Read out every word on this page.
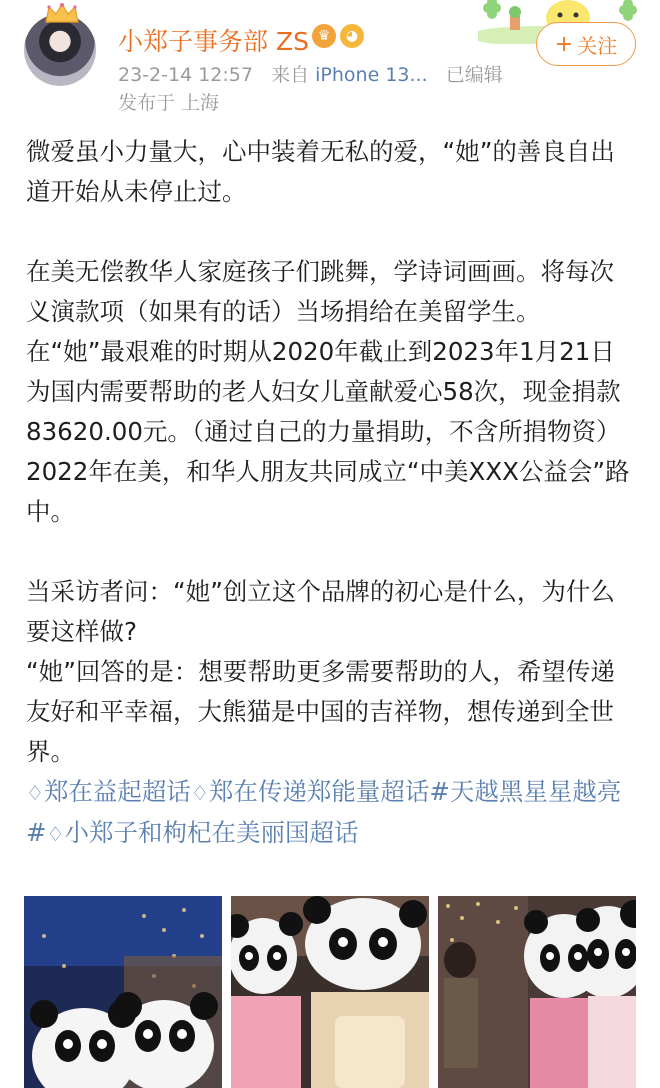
小郑子事务部 ZS ♛	◕
23-2-14 12:57 来自 iPhone 13... 已编辑
发布于 上海
+ 关注

微爱虽小力量大，心中装着无私的爱，“她”的善良自出道开始从未停止过。

在美无偿教华人家庭孩子们跳舞，学诗词画画。将每次义演款项（如果有的话）当场捐给在美留学生。

在“她”最艰难的时期从2020年截止到2023年1月21日为国内需要帮助的老人妇女儿童献爱心58次，现金捐款83620.00元。（通过自己的力量捐助，不含所捐物资）2022年在美，和华人朋友共同成立“中美XXX公益会”路中。

当采访者问：“她”创立这个品牌的初心是什么，为什么要这样做?

“她”回答的是：想要帮助更多需要帮助的人，希望传递友好和平幸福，大熊猫是中国的吉祥物，想传递到全世界。

♢郑在益起超话♢郑在传递郑能量超话#天越黑星星越亮#♢小郑子和枸杞在美丽国超话
